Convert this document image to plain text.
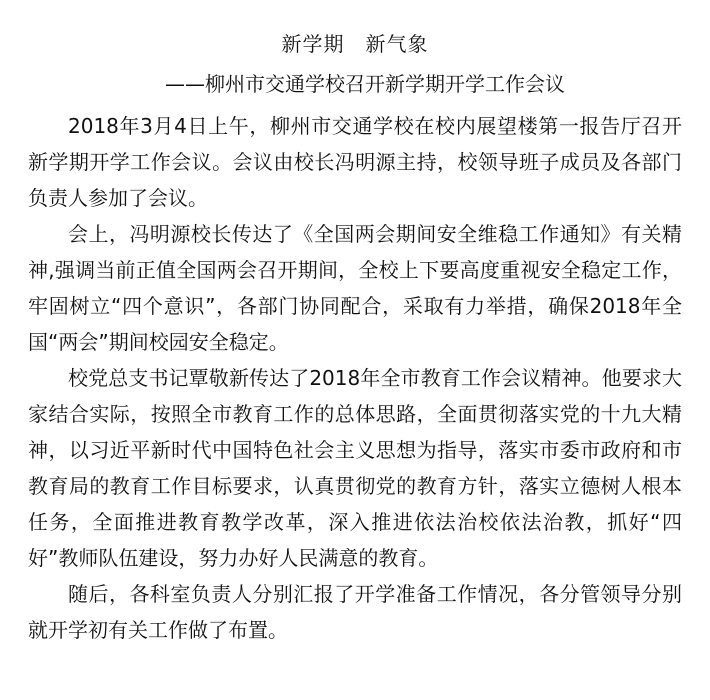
新学期　新气象
——柳州市交通学校召开新学期开学工作会议

2018年3月4日上午，柳州市交通学校在校内展望楼第一报告厅召开新学期开学工作会议。会议由校长冯明源主持，校领导班子成员及各部门负责人参加了会议。

会上，冯明源校长传达了《全国两会期间安全维稳工作通知》有关精神,强调当前正值全国两会召开期间，全校上下要高度重视安全稳定工作，牢固树立“四个意识”，各部门协同配合，采取有力举措，确保2018年全国“两会”期间校园安全稳定。

校党总支书记覃敬新传达了2018年全市教育工作会议精神。他要求大家结合实际，按照全市教育工作的总体思路，全面贯彻落实党的十九大精神，以习近平新时代中国特色社会主义思想为指导，落实市委市政府和市教育局的教育工作目标要求，认真贯彻党的教育方针，落实立德树人根本任务，全面推进教育教学改革，深入推进依法治校依法治教，抓好“四好”教师队伍建设，努力办好人民满意的教育。

随后，各科室负责人分别汇报了开学准备工作情况，各分管领导分别就开学初有关工作做了布置。
